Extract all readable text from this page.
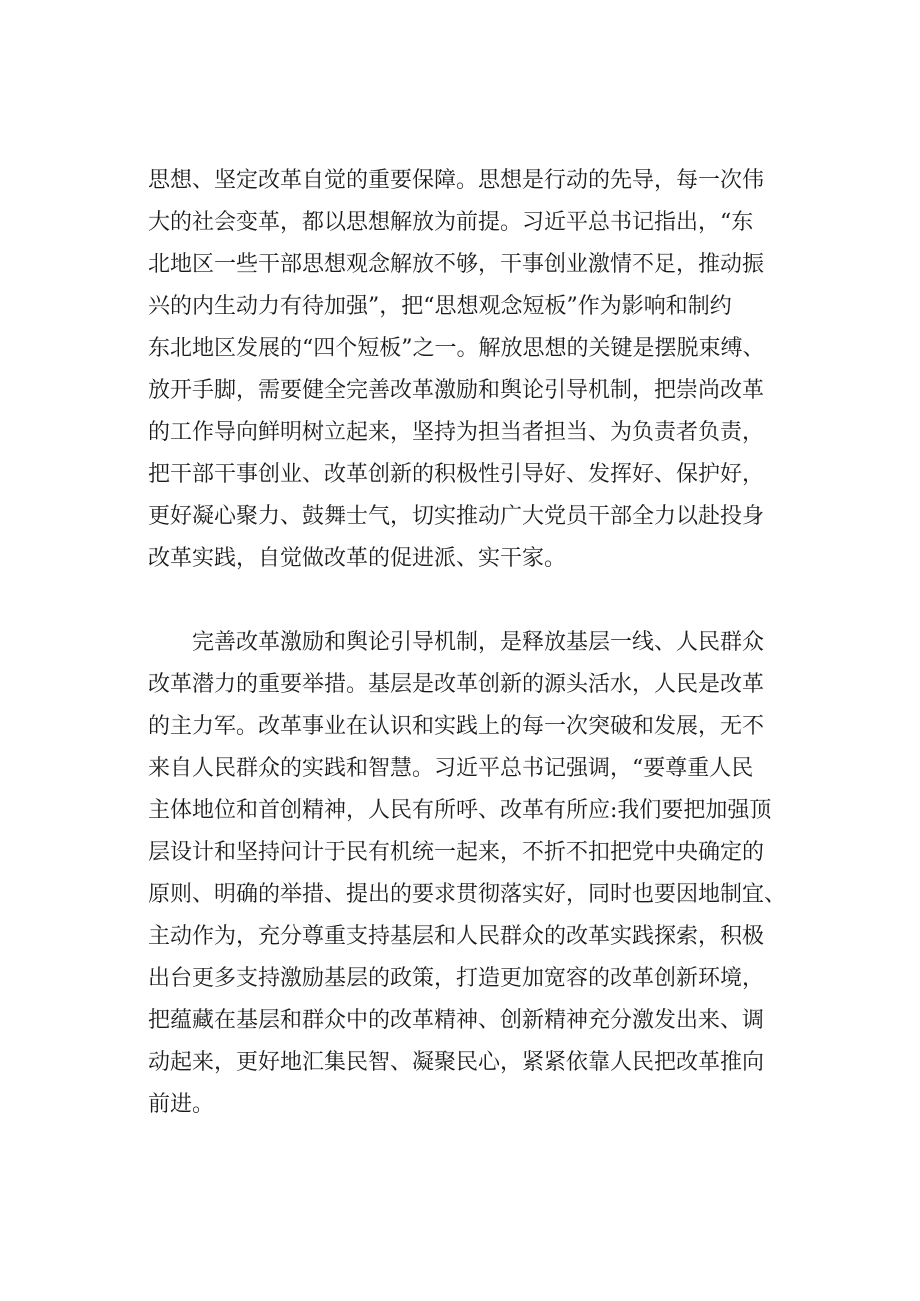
思想、坚定改革自觉的重要保障。思想是行动的先导，每一次伟
大的社会变革，都以思想解放为前提。习近平总书记指出，“东
北地区一些干部思想观念解放不够，干事创业激情不足，推动振
兴的内生动力有待加强”，把“思想观念短板”作为影响和制约
东北地区发展的“四个短板”之一。解放思想的关键是摆脱束缚、
放开手脚，需要健全完善改革激励和舆论引导机制，把崇尚改革
的工作导向鲜明树立起来，坚持为担当者担当、为负责者负责，
把干部干事创业、改革创新的积极性引导好、发挥好、保护好，
更好凝心聚力、鼓舞士气，切实推动广大党员干部全力以赴投身
改革实践，自觉做改革的促进派、实干家。
　　完善改革激励和舆论引导机制，是释放基层一线、人民群众
改革潜力的重要举措。基层是改革创新的源头活水，人民是改革
的主力军。改革事业在认识和实践上的每一次突破和发展，无不
来自人民群众的实践和智慧。习近平总书记强调，“要尊重人民
主体地位和首创精神，人民有所呼、改革有所应:我们要把加强顶
层设计和坚持问计于民有机统一起来，不折不扣把党中央确定的
原则、明确的举措、提出的要求贯彻落实好，同时也要因地制宜、
主动作为，充分尊重支持基层和人民群众的改革实践探索，积极
出台更多支持激励基层的政策，打造更加宽容的改革创新环境，
把蕴藏在基层和群众中的改革精神、创新精神充分激发出来、调
动起来，更好地汇集民智、凝聚民心，紧紧依靠人民把改革推向
前进。
